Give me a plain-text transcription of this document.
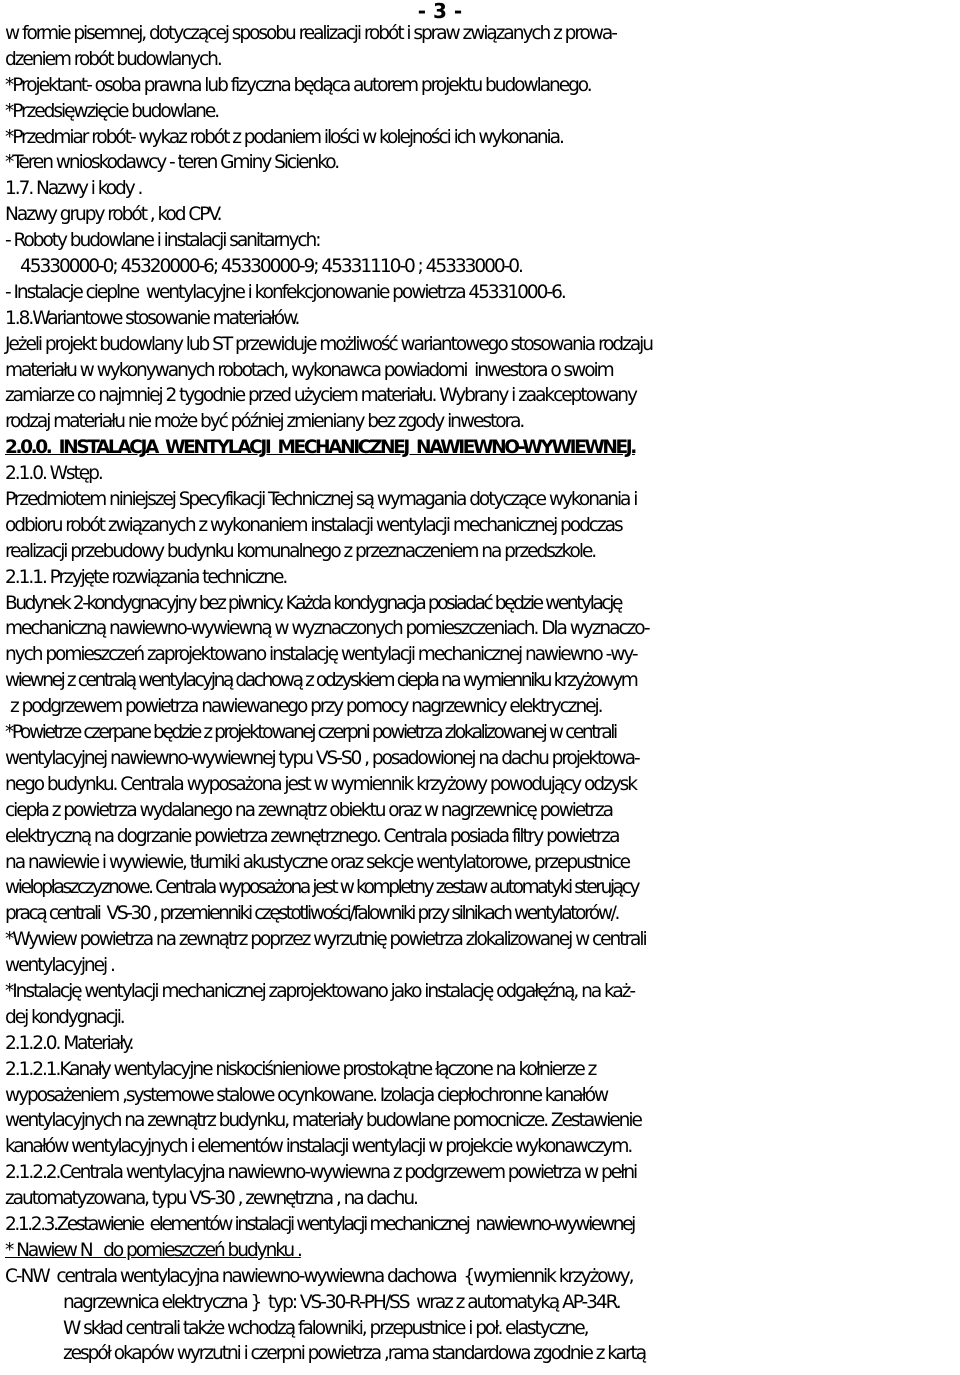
- 3 -
w formie pisemnej, dotyczącej sposobu realizacji robót i spraw związanych z prowa-
dzeniem robót budowlanych.
*Projektant- osoba prawna lub fizyczna będąca autorem projektu budowlanego.
*Przedsięwzięcie budowlane.
*Przedmiar robót- wykaz robót z podaniem ilości w kolejności ich wykonania.
*Teren wnioskodawcy - teren Gminy Sicienko.
1.7. Nazwy i kody .
Nazwy grupy robót , kod CPV.
- Roboty budowlane i instalacji sanitarnych:
45330000-0; 45320000-6; 45330000-9; 45331110-0 ; 45333000-0.
- Instalacje cieplne  wentylacyjne i konfekcjonowanie powietrza 45331000-6.
1.8.Wariantowe stosowanie materiałów.
Jeżeli projekt budowlany lub ST przewiduje możliwość wariantowego stosowania rodzaju
materiału w wykonywanych robotach, wykonawca powiadomi  inwestora o swoim
zamiarze co najmniej 2 tygodnie przed użyciem materiału. Wybrany i zaakceptowany
rodzaj materiału nie może być później zmieniany bez zgody inwestora.
2.0.0.  INSTALACJA  WENTYLACJI  MECHANICZNEJ  NAWIEWNO-WYWIEWNEJ.
2.1.0. Wstęp.
Przedmiotem niniejszej Specyfikacji Technicznej są wymagania dotyczące wykonania i
odbioru robót związanych z wykonaniem instalacji wentylacji mechanicznej podczas
realizacji przebudowy budynku komunalnego z przeznaczeniem na przedszkole.
2.1.1. Przyjęte rozwiązania techniczne.
Budynek 2-kondygnacyjny bez piwnicy. Każda kondygnacja posiadać będzie wentylację
mechaniczną nawiewno-wywiewną w wyznaczonych pomieszczeniach. Dla wyznaczo-
nych pomieszczeń zaprojektowano instalację wentylacji mechanicznej nawiewno -wy-
wiewnej z centralą wentylacyjną dachową z odzyskiem ciepła na wymienniku krzyżowym
z podgrzewem powietrza nawiewanego przy pomocy nagrzewnicy elektrycznej.
*Powietrze czerpane będzie z projektowanej czerpni powietrza zlokalizowanej w centrali
wentylacyjnej nawiewno-wywiewnej typu VS-S0 , posadowionej na dachu projektowa-
nego budynku. Centrala wyposażona jest w wymiennik krzyżowy powodujący odzysk
ciepła z powietrza wydalanego na zewnątrz obiektu oraz w nagrzewnicę powietrza
elektryczną na dogrzanie powietrza zewnętrznego. Centrala posiada filtry powietrza
na nawiewie i wywiewie, tłumiki akustyczne oraz sekcje wentylatorowe, przepustnice
wielopłaszczyznowe. Centrala wyposażona jest w kompletny zestaw automatyki sterujący
pracą centrali  VS-30 , przemienniki częstotliwości/falowniki przy silnikach wentylatorów/.
*Wywiew powietrza na zewnątrz poprzez wyrzutnię powietrza zlokalizowanej w centrali
wentylacyjnej .
*Instalację wentylacji mechanicznej zaprojektowano jako instalację odgałęźną, na każ-
dej kondygnacji.
2.1.2.0. Materiały.
2.1.2.1.Kanały wentylacyjne niskociśnieniowe prostokątne łączone na kołnierze z
wyposażeniem ,systemowe stalowe ocynkowane. Izolacja ciepłochronne kanałów
wentylacyjnych na zewnątrz budynku, materiały budowlane pomocnicze. Zestawienie
kanałów wentylacyjnych i elementów instalacji wentylacji w projekcie wykonawczym.
2.1.2.2.Centrala wentylacyjna nawiewno-wywiewna z podgrzewem powietrza w pełni
zautomatyzowana, typu VS-30 , zewnętrzna , na dachu.
2.1.2.3.Zestawienie  elementów instalacji wentylacji mechanicznej  nawiewno-wywiewnej
* Nawiew N   do pomieszczeń budynku .
C-NW  centrala wentylacyjna nawiewno-wywiewna dachowa  {wymiennik krzyżowy,
nagrzewnica elektryczna }  typ: VS-30-R-PH/SS  wraz z automatyką AP-34R.
W skład centrali także wchodzą falowniki, przepustnice i poł. elastyczne,
zespół okapów wyrzutni i czerpni powietrza ,rama standardowa zgodnie z kartą
